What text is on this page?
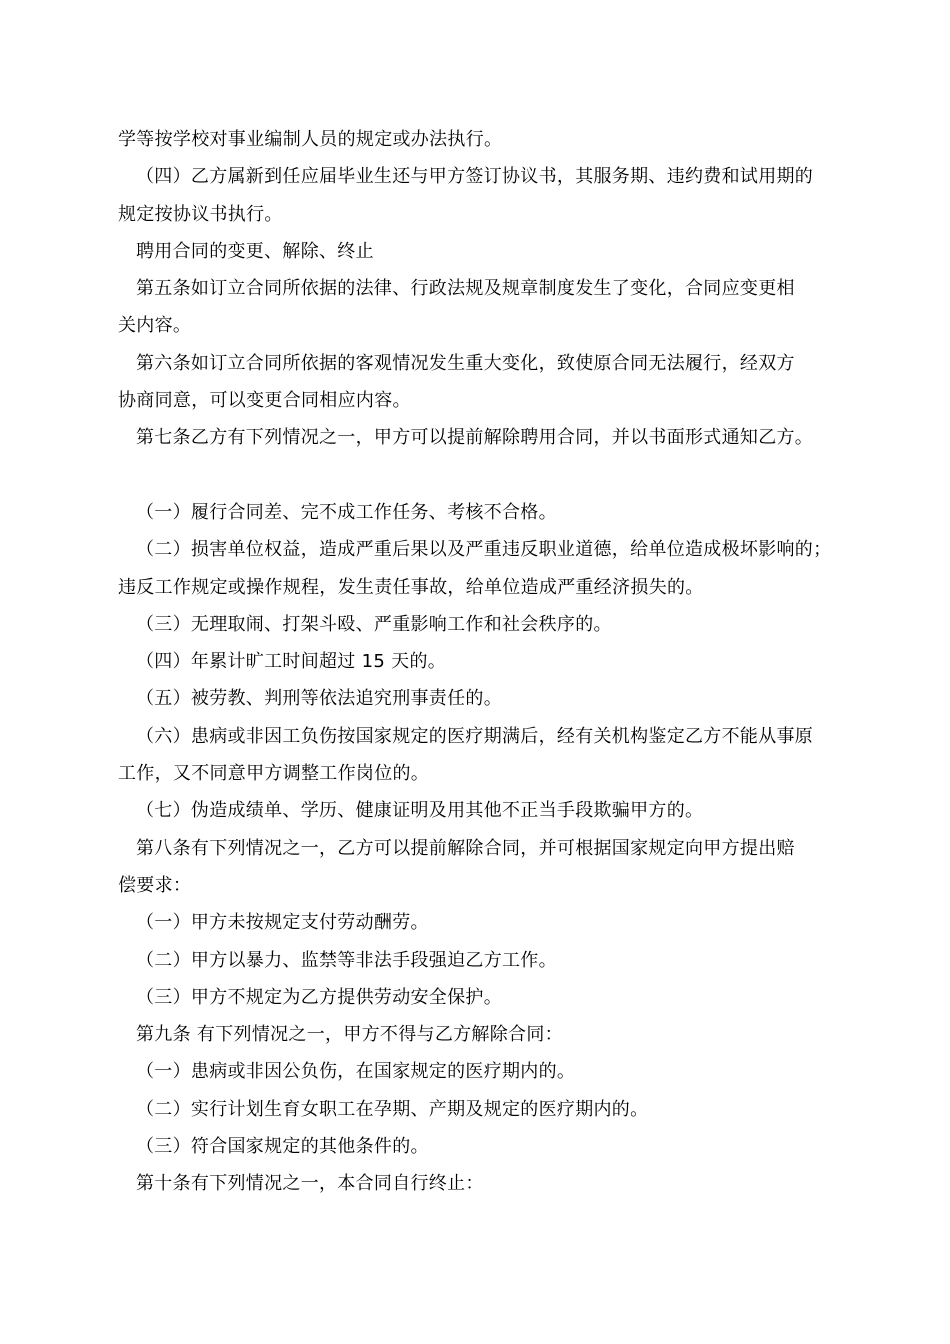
学等按学校对事业编制人员的规定或办法执行。
（四）乙方属新到任应届毕业生还与甲方签订协议书，其服务期、违约费和试用期的
规定按协议书执行。
聘用合同的变更、解除、终止
第五条如订立合同所依据的法律、行政法规及规章制度发生了变化，合同应变更相
关内容。
第六条如订立合同所依据的客观情况发生重大变化，致使原合同无法履行，经双方
协商同意，可以变更合同相应内容。
第七条乙方有下列情况之一，甲方可以提前解除聘用合同，并以书面形式通知乙方。
（一）履行合同差、完不成工作任务、考核不合格。
（二）损害单位权益，造成严重后果以及严重违反职业道德，给单位造成极坏影响的；
违反工作规定或操作规程，发生责任事故，给单位造成严重经济损失的。
（三）无理取闹、打架斗殴、严重影响工作和社会秩序的。
（四）年累计旷工时间超过 15 天的。
（五）被劳教、判刑等依法追究刑事责任的。
（六）患病或非因工负伤按国家规定的医疗期满后，经有关机构鉴定乙方不能从事原
工作，又不同意甲方调整工作岗位的。
（七）伪造成绩单、学历、健康证明及用其他不正当手段欺骗甲方的。
第八条有下列情况之一，乙方可以提前解除合同，并可根据国家规定向甲方提出赔
偿要求：
（一）甲方未按规定支付劳动酬劳。
（二）甲方以暴力、监禁等非法手段强迫乙方工作。
（三）甲方不规定为乙方提供劳动安全保护。
第九条 有下列情况之一，甲方不得与乙方解除合同：
（一）患病或非因公负伤，在国家规定的医疗期内的。
（二）实行计划生育女职工在孕期、产期及规定的医疗期内的。
（三）符合国家规定的其他条件的。
第十条有下列情况之一，本合同自行终止：
